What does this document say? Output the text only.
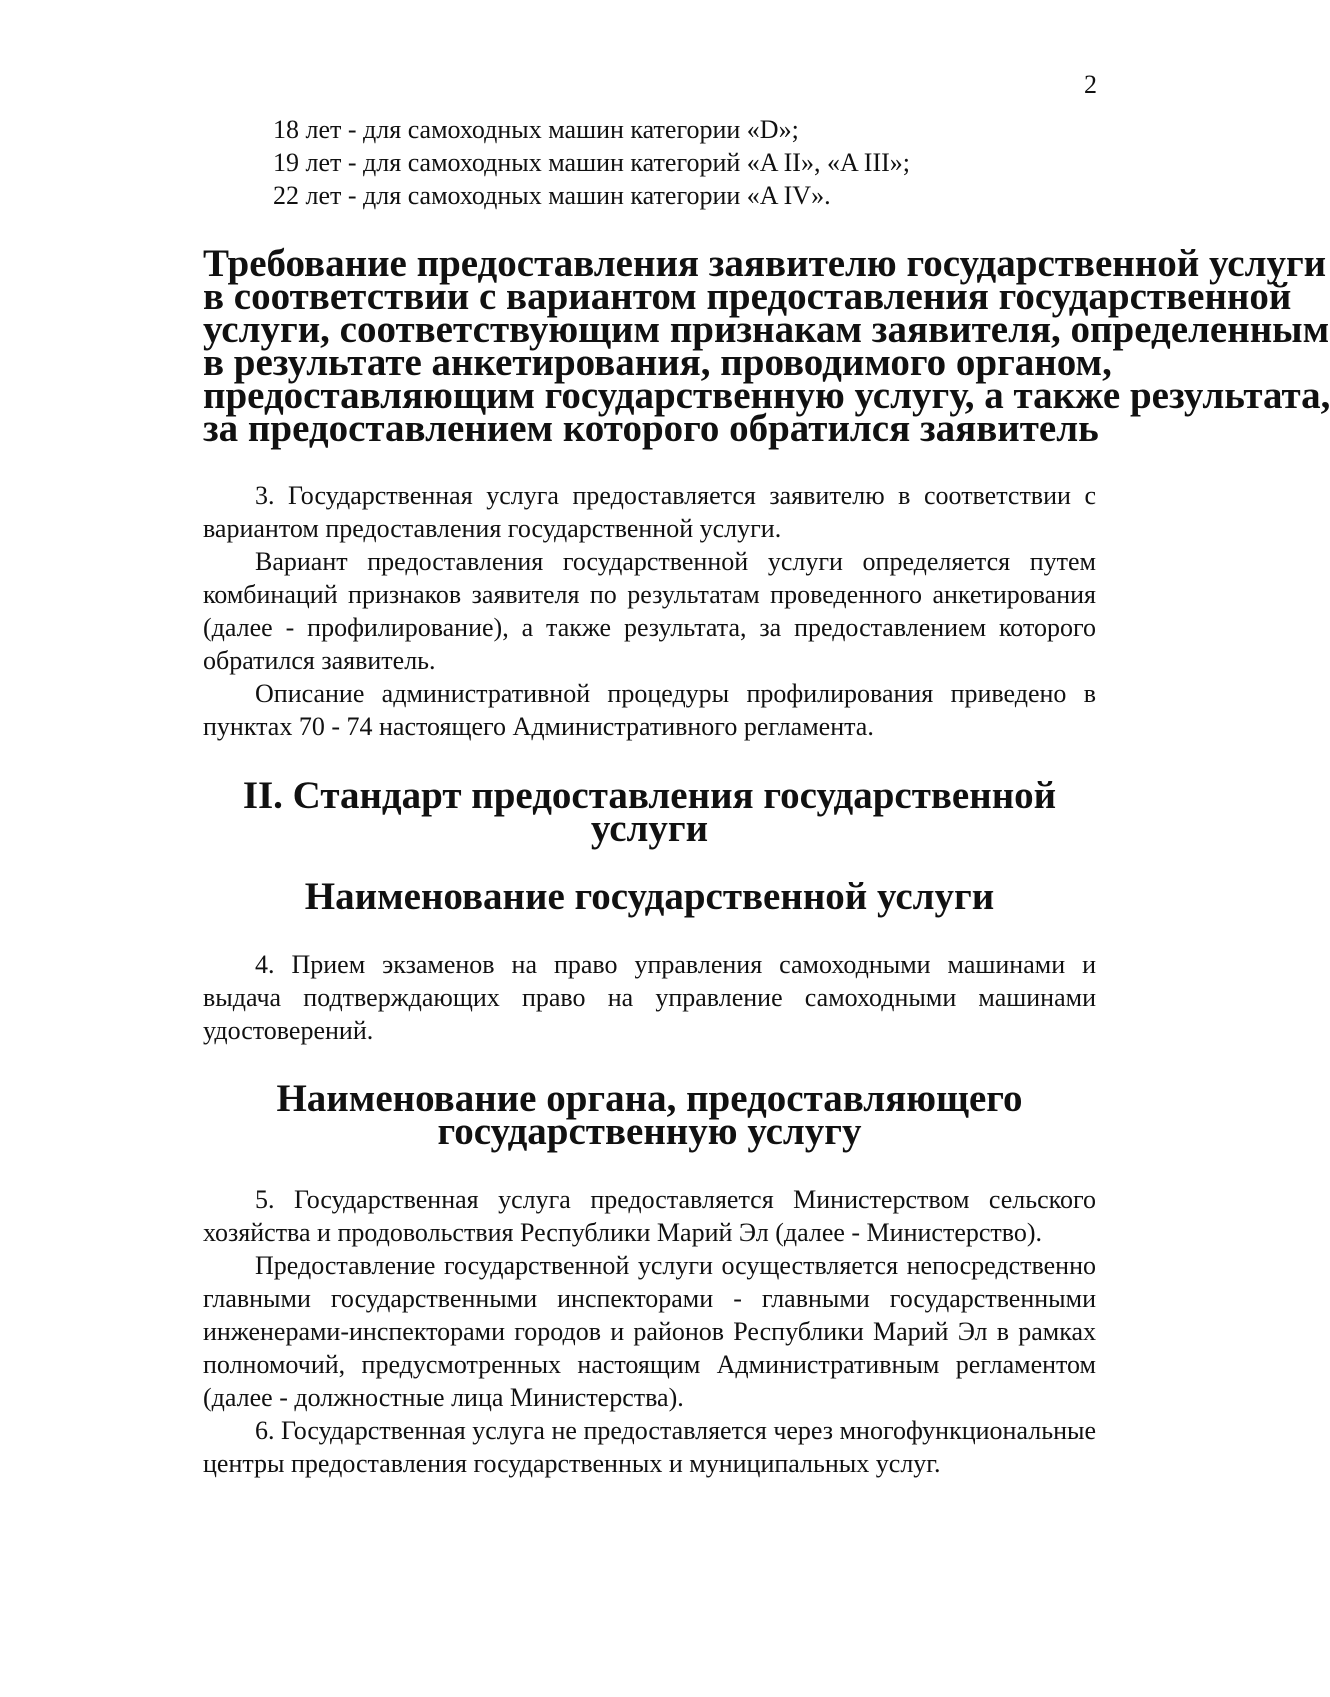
2

18 лет - для самоходных машин категории «D»;

19 лет - для самоходных машин категорий «A II», «A III»;

22 лет - для самоходных машин категории «A IV».

Требование предоставления заявителю государственной услуги
в соответствии с вариантом предоставления государственной
услуги, соответствующим признакам заявителя, определенным
в результате анкетирования, проводимого органом,
предоставляющим государственную услугу, а также результата,
за предоставлением которого обратился заявитель

3. Государственная услуга предоставляется заявителю в соответствии с вариантом предоставления государственной услуги.

Вариант предоставления государственной услуги определяется путем комбинаций признаков заявителя по результатам проведенного анкетирования (далее - профилирование), а также результата, за предоставлением которого обратился заявитель.

Описание административной процедуры профилирования приведено в пунктах 70 - 74 настоящего Административного регламента.

II. Стандарт предоставления государственной услуги
Наименование государственной услуги

4. Прием экзаменов на право управления самоходными машинами и выдача подтверждающих право на управление самоходными машинами удостоверений.

Наименование органа, предоставляющего государственную услугу

5. Государственная услуга предоставляется Министерством сельского хозяйства и продовольствия Республики Марий Эл (далее - Министерство).

Предоставление государственной услуги осуществляется непосредственно главными государственными инспекторами - главными государственными инженерами-инспекторами городов и районов Республики Марий Эл в рамках полномочий, предусмотренных настоящим Административным регламентом (далее - должностные лица Министерства).

6. Государственная услуга не предоставляется через многофункциональные центры предоставления государственных и муниципальных услуг.
